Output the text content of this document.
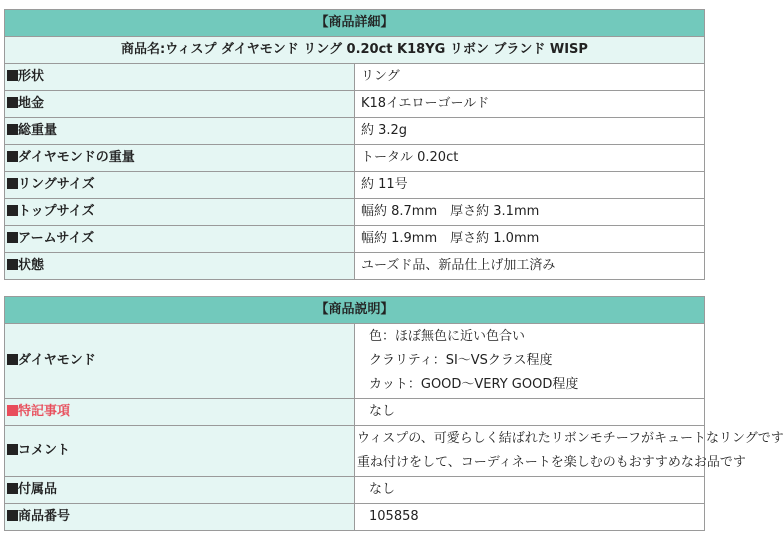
【商品詳細】	
商品名:ウィスプ ダイヤモンド リング 0.20ct K18YG リボン ブランド WISP	
形状	リング
地金	K18イエローゴールド
総重量	約 3.2g
ダイヤモンドの重量	トータル 0.20ct
リングサイズ	約 11号
トップサイズ	幅約 8.7mm　厚さ約 3.1mm
アームサイズ	幅約 1.9mm　厚さ約 1.0mm
状態	ユーズド品、新品仕上げ加工済み
【商品説明】	
ダイヤモンド	色：ほぼ無色に近い色合い
クラリティ：SI～VSクラス程度
カット：GOOD～VERY GOOD程度

特記事項	なし
コメント	ウィスプの、可愛らしく結ばれたリボンモチーフがキュートなリングです
重ね付けをして、コーディネートを楽しむのもおすすめなお品です

付属品	なし
商品番号	105858
